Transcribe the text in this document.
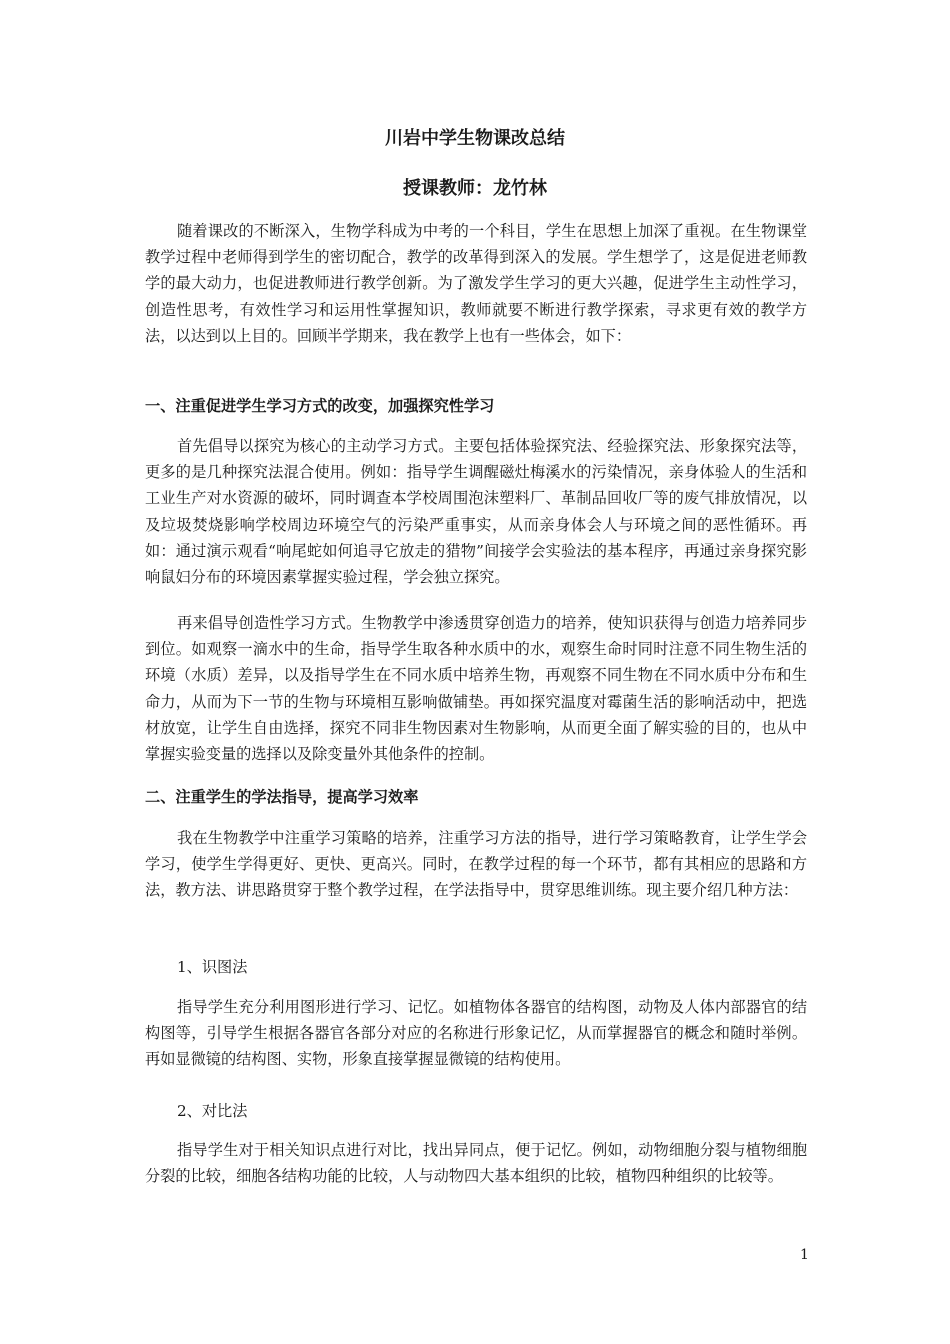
川岩中学生物课改总结
授课教师：龙竹林

随着课改的不断深入，生物学科成为中考的一个科目，学生在思想上加深了重视。在生物课堂教学过程中老师得到学生的密切配合，教学的改革得到深入的发展。学生想学了，这是促进老师教学的最大动力，也促进教师进行教学创新。为了激发学生学习的更大兴趣，促进学生主动性学习，创造性思考，有效性学习和运用性掌握知识，教师就要不断进行教学探索，寻求更有效的教学方法，以达到以上目的。回顾半学期来，我在教学上也有一些体会，如下：

一、注重促进学生学习方式的改变，加强探究性学习

首先倡导以探究为核心的主动学习方式。主要包括体验探究法、经验探究法、形象探究法等，更多的是几种探究法混合使用。例如：指导学生调醒磁灶梅溪水的污染情况，亲身体验人的生活和工业生产对水资源的破坏，同时调查本学校周围泡沫塑料厂、革制品回收厂等的废气排放情况，以及垃圾焚烧影响学校周边环境空气的污染严重事实，从而亲身体会人与环境之间的恶性循环。再如：通过演示观看“响尾蛇如何追寻它放走的猎物”间接学会实验法的基本程序，再通过亲身探究影响鼠妇分布的环境因素掌握实验过程，学会独立探究。

再来倡导创造性学习方式。生物教学中渗透贯穿创造力的培养，使知识获得与创造力培养同步到位。如观察一滴水中的生命，指导学生取各种水质中的水，观察生命时同时注意不同生物生活的环境（水质）差异，以及指导学生在不同水质中培养生物，再观察不同生物在不同水质中分布和生命力，从而为下一节的生物与环境相互影响做铺垫。再如探究温度对霉菌生活的影响活动中，把选材放宽，让学生自由选择，探究不同非生物因素对生物影响，从而更全面了解实验的目的，也从中掌握实验变量的选择以及除变量外其他条件的控制。

二、注重学生的学法指导，提高学习效率

我在生物教学中注重学习策略的培养，注重学习方法的指导，进行学习策略教育，让学生学会学习，使学生学得更好、更快、更高兴。同时，在教学过程的每一个环节，都有其相应的思路和方法，教方法、讲思路贯穿于整个教学过程，在学法指导中，贯穿思维训练。现主要介绍几种方法：

1、识图法

指导学生充分利用图形进行学习、记忆。如植物体各器官的结构图，动物及人体内部器官的结构图等，引导学生根据各器官各部分对应的名称进行形象记忆，从而掌握器官的概念和随时举例。再如显微镜的结构图、实物，形象直接掌握显微镜的结构使用。

2、对比法

指导学生对于相关知识点进行对比，找出异同点，便于记忆。例如，动物细胞分裂与植物细胞分裂的比较，细胞各结构功能的比较，人与动物四大基本组织的比较，植物四种组织的比较等。

1
